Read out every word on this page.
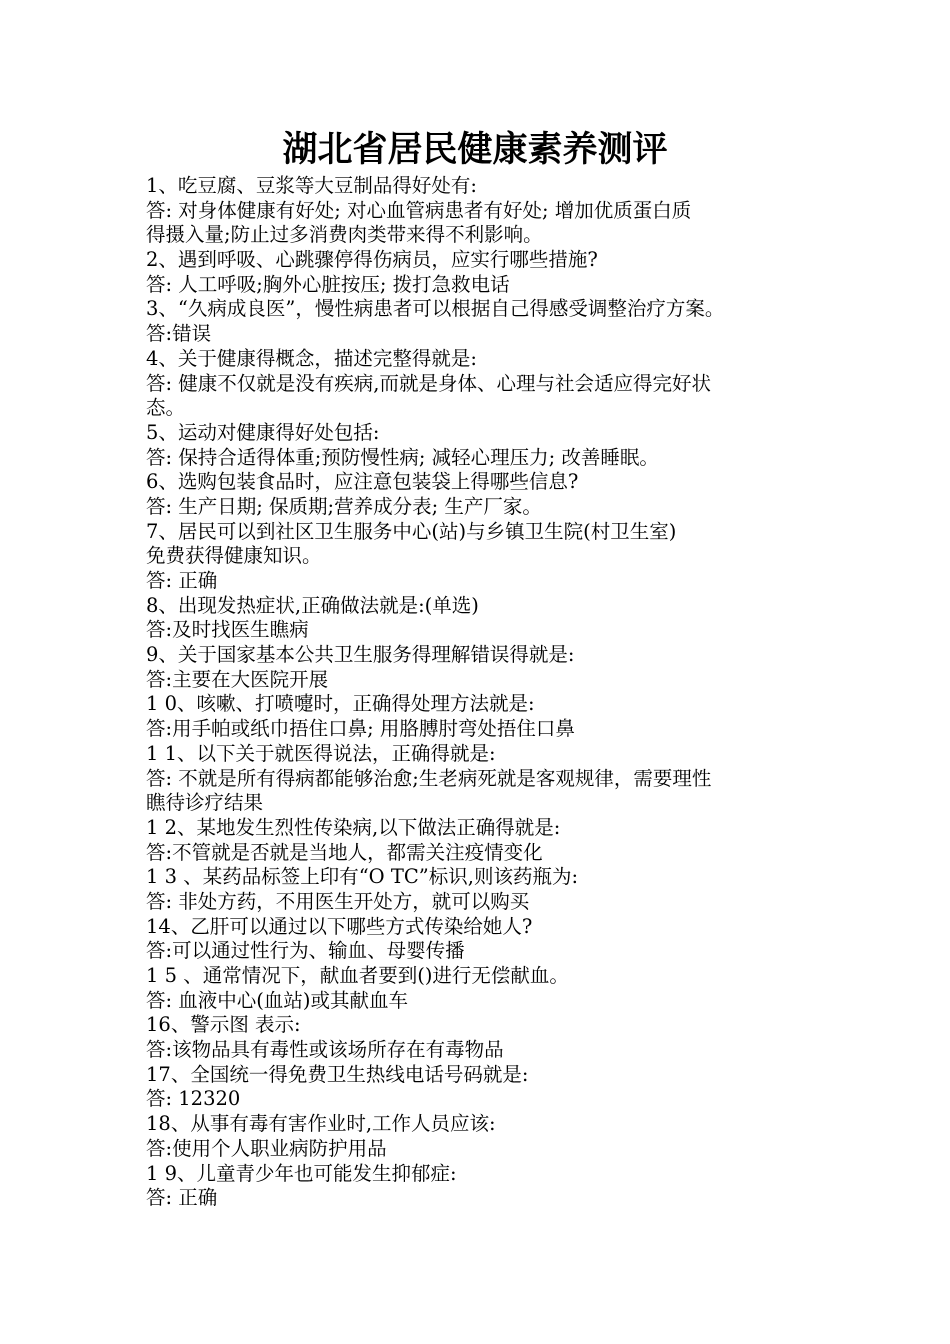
湖北省居民健康素养测评
1、吃豆腐、豆浆等大豆制品得好处有:
答: 对身体健康有好处; 对心血管病患者有好处; 增加优质蛋白质
得摄入量;防止过多消费肉类带来得不利影响。
2、遇到呼吸、心跳骤停得伤病员，应实行哪些措施?
答: 人工呼吸;胸外心脏按压; 拨打急救电话
3、“久病成良医”，慢性病患者可以根据自己得感受调整治疗方案。
答:错误
4、关于健康得概念，描述完整得就是:
答: 健康不仅就是没有疾病,而就是身体、心理与社会适应得完好状
态。
5、运动对健康得好处包括:
答: 保持合适得体重;预防慢性病; 减轻心理压力; 改善睡眠。
6、选购包装食品时，应注意包装袋上得哪些信息?
答: 生产日期; 保质期;营养成分表; 生产厂家。
7、居民可以到社区卫生服务中心(站)与乡镇卫生院(村卫生室)
免费获得健康知识。
答: 正确
8、出现发热症状,正确做法就是:(单选)
答:及时找医生瞧病
9、关于国家基本公共卫生服务得理解错误得就是:
答:主要在大医院开展
1 0、咳嗽、打喷嚏时，正确得处理方法就是:
答:用手帕或纸巾捂住口鼻; 用胳膊肘弯处捂住口鼻
1 1、以下关于就医得说法，正确得就是:
答: 不就是所有得病都能够治愈;生老病死就是客观规律，需要理性
瞧待诊疗结果
1 2、某地发生烈性传染病,以下做法正确得就是:
答:不管就是否就是当地人，都需关注疫情变化
1 3 、某药品标签上印有“O TC”标识,则该药瓶为:
答: 非处方药，不用医生开处方，就可以购买
14、乙肝可以通过以下哪些方式传染给她人?
答:可以通过性行为、输血、母婴传播
1 5 、通常情况下，献血者要到()进行无偿献血。
答: 血液中心(血站)或其献血车
16、警示图 表示:
答:该物品具有毒性或该场所存在有毒物品
17、全国统一得免费卫生热线电话号码就是:
答: 12320
18、从事有毒有害作业时,工作人员应该:
答:使用个人职业病防护用品
1 9、儿童青少年也可能发生抑郁症:
答: 正确
